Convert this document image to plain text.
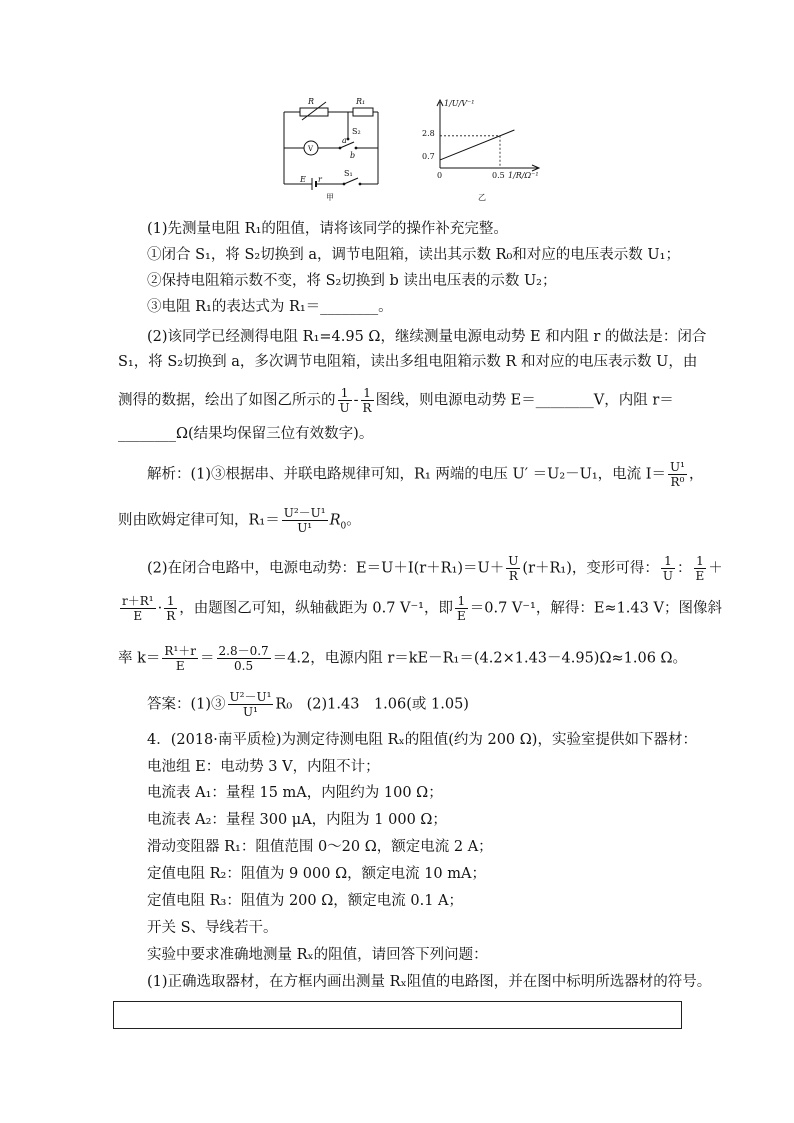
R	R₁
V
S₂
a
b
E r
S₁
甲
1/U/V⁻¹
2.8
0.7
0	0.5 1/R/Ω⁻¹
乙
(1)先测量电阻 R₁的阻值，请将该同学的操作补充完整。
①闭合 S₁，将 S₂切换到 a，调节电阻箱，读出其示数 R₀和对应的电压表示数 U₁；
②保持电阻箱示数不变，将 S₂切换到 b 读出电压表的示数 U₂；
③电阻 R₁的表达式为 R₁＝________。
(2)该同学已经测得电阻 R₁=4.95 Ω，继续测量电源电动势 E 和内阻 r 的做法是：闭合
S₁，将 S₂切换到 a，多次调节电阻箱，读出多组电阻箱示数 R 和对应的电压表示数 U，由
测得的数据，绘出了如图乙所示的 $\frac{1}{U} - \frac{1}{R}$ 图线，则电源电动势 E＝________V，内阻 r＝
________Ω(结果均保留三位有效数字)。
解析：(1)③根据串、并联电路规律可知，R₁ 两端的电压 U′ ＝U₂－U₁，电流 $I= \frac{\text{U¹}}{\text{R⁰}}$ ，
则由欧姆定律可知，$R_1= \frac{\text{U²－U¹}}{\text{U¹}} R_0$。
(2)在闭合电路中，电源电动势：$E=U+I(r+R_1)=U+ \frac{U}{R} (r+R_1)$，变形可得： $\frac{1}{U}$ ： $\frac{1}{E}$ ＋
$\frac{\text{r＋R¹}}{E} \cdot \frac{1}{R}$ ，由题图乙可知，纵轴截距为 0.7 V⁻¹，即 $\frac{1}{E} =0.7$ V⁻¹，解得：E≈1.43 V；图像斜
率 $k= \frac{\text{R¹＋r}}{E} = \frac{2.8-0.7}{0.5} =4.2$，电源内阻 r＝kE－R₁＝(4.2×1.43－4.95)Ω≈1.06 Ω。
答案：(1)③ $\frac{\text{U²－U¹}}{\text{U¹}} R_0$　(2)1.43　1.06(或 1.05)
4．(2018·南平质检)为测定待测电阻 Rₓ的阻值(约为 200 Ω)，实验室提供如下器材：
电池组 E：电动势 3 V，内阻不计；
电流表 A₁：量程 15 mA，内阻约为 100 Ω；
电流表 A₂：量程 300 μA，内阻为 1 000 Ω；
滑动变阻器 R₁：阻值范围 0～20 Ω，额定电流 2 A；
定值电阻 R₂：阻值为 9 000 Ω，额定电流 10 mA；
定值电阻 R₃：阻值为 200 Ω，额定电流 0.1 A；
开关 S、导线若干。
实验中要求准确地测量 Rₓ的阻值，请回答下列问题：
(1)正确选取器材，在方框内画出测量 Rₓ阻值的电路图，并在图中标明所选器材的符号。
